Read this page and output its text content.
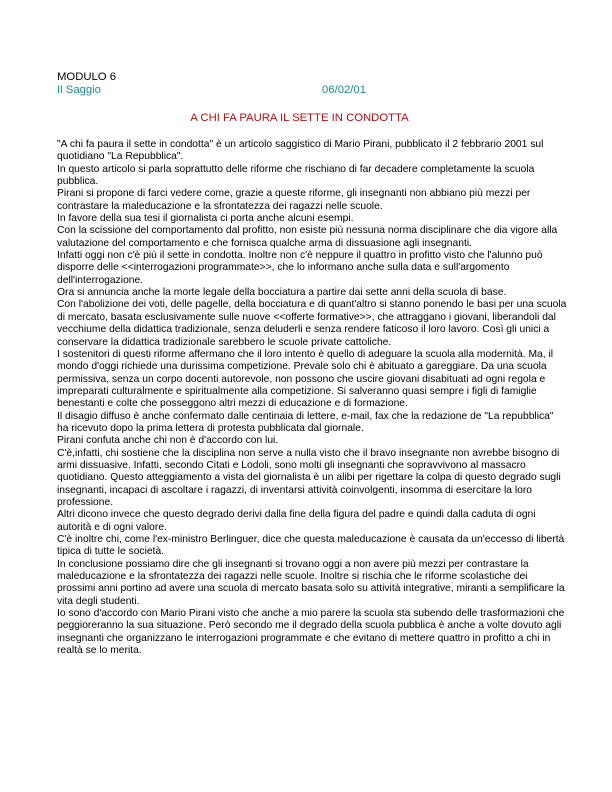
MODULO 6

Il Saggio	06/02/01

A CHI FA PAURA IL SETTE IN CONDOTTA

"A chi fa paura il sette in condotta" è un articolo saggistico di Mario Pirani, pubblicato il 2 febbrario 2001 sul quotidiano "La Repubblica".

In questo articolo si parla soprattutto delle riforme che rischiano di far decadere completamente la scuola pubblica.

Pirani si propone di farci vedere come, grazie a queste riforme, gli insegnanti non abbiano più mezzi per contrastare la maleducazione e la sfrontatezza dei ragazzi nelle scuole.

In favore della sua tesi il giornalista ci porta anche alcuni esempi.

Con la scissione del comportamento dal profitto, non esiste più nessuna norma disciplinare che dia vigore alla valutazione del comportamento e che fornisca qualche arma di dissuasione agli insegnanti.

Infatti oggi non c'è più il sette in condotta. Inoltre non c'è neppure il quattro in profitto visto che l'alunno può disporre delle <<interrogazioni programmate>>, che lo informano anche sulla data e sull'argomento dell'interrogazione.

Ora si annuncia anche la morte legale della bocciatura a partire dai sette anni della scuola di base.

Con l'abolizione dei voti, delle pagelle, della bocciatura e di quant'altro si stanno ponendo le basi per una scuola di mercato, basata esclusivamente sulle nuove <<offerte formative>>, che attraggano i giovani, liberandoli dal vecchiume della didattica tradizionale, senza deluderli e senza rendere faticoso il loro lavoro. Così gli unici a conservare la didattica tradizionale sarebbero le scuole private cattoliche.

I sostenitori di questi riforme affermano che il loro intento è quello di adeguare la scuola alla modernità. Ma, il mondo d'oggi richiede una durissima competizione. Prevale solo chi è abituato a gareggiare. Da una scuola permissiva, senza un corpo docenti autorevole, non possono che uscire giovani disabituati ad ogni regola e impreparati culturalmente e spiritualmente alla competizione. Si salveranno quasi sempre i figli di famiglie benestanti e colte che posseggono altri mezzi di educazione e di formazione.

Il disagio diffuso è anche confermato dalle centinaia di lettere, e-mail, fax che la redazione de "La repubblica" ha ricevuto dopo la prima lettera di protesta pubblicata dal giornale.

Pirani confuta anche chi non è d'accordo con lui.

C'è,infatti, chi sostiene che la disciplina non serve a nulla visto che il bravo insegnante non avrebbe bisogno di armi dissuasive. Infatti, secondo Citati e Lodoli, sono molti gli insegnanti che sopravvivono al massacro quotidiano. Questo atteggiamento a vista del giornalista è un alibi per rigettare la colpa di questo degrado sugli insegnanti, incapaci di ascoltare i ragazzi, di inventarsi attività coinvolgenti, insomma di esercitare la loro professione.

Altri dicono invece che questo degrado derivi dalla fine della figura del padre e quindi dalla caduta di ogni autorità e di ogni valore.

C'è inoltre chi, come l'ex-ministro Berlinguer, dice che questa maleducazione è causata da un'eccesso di libertà tipica di tutte le società.

In conclusione possiamo dire che gli insegnanti si trovano oggi a non avere più mezzi per contrastare la maleducazione e la sfrontatezza dei ragazzi nelle scuole. Inoltre si rischia che le riforme scolastiche dei prossimi anni portino ad avere una scuola di mercato basata solo su attività integrative, miranti a semplificare la vita degli studenti.

Io sono d'accordo con Mario Pirani visto che anche a mio parere la scuola sta subendo delle trasformazioni che peggioreranno la sua situazione. Però secondo me il degrado della scuola pubblica è anche a volte dovuto agli insegnanti che organizzano le interrogazioni programmate e che evitano di mettere quattro in profitto a chi in realtà se lo merita.
